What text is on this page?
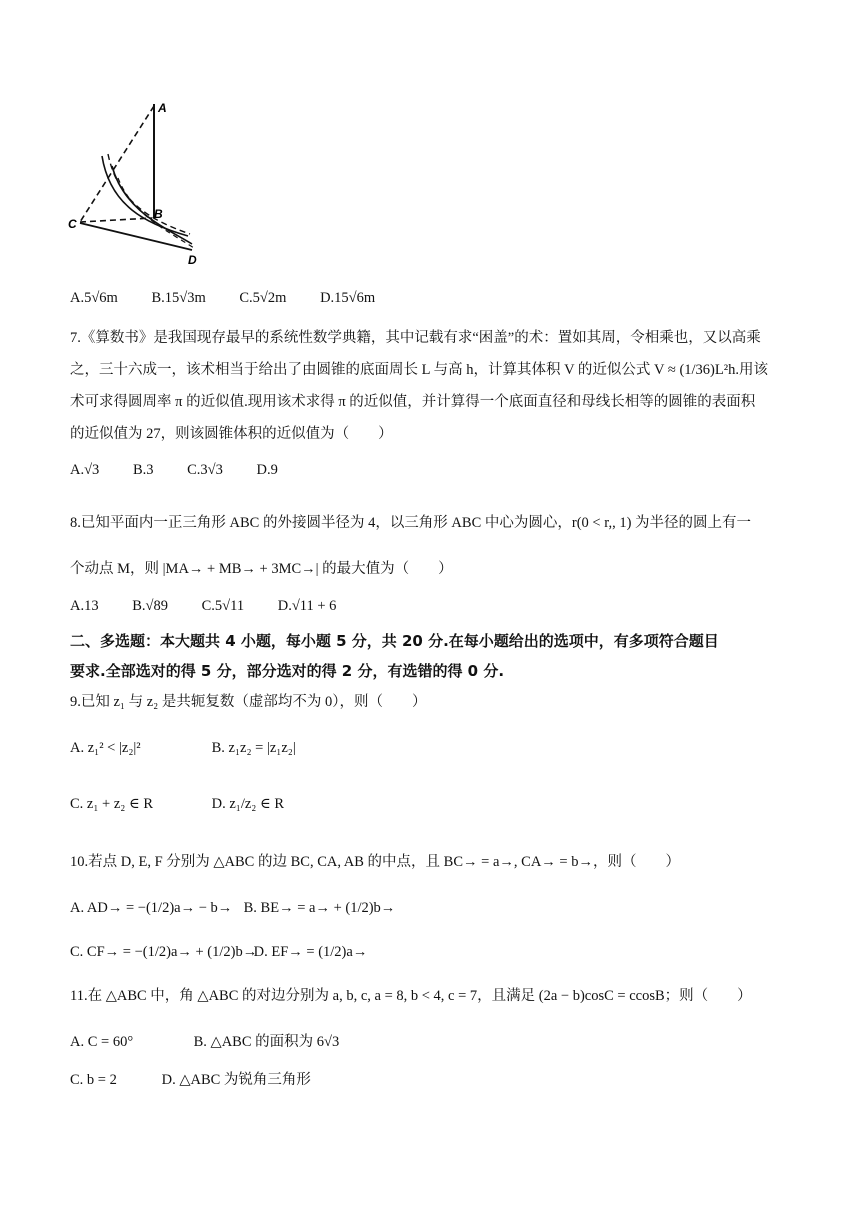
A
B
C
D
A.5√6m B.15√3m C.5√2m D.15√6m
7.《算数书》是我国现存最早的系统性数学典籍，其中记载有求“困盖”的术：置如其周，令相乘也，又以高乘
之，三十六成一，该术相当于给出了由圆锥的底面周长 L 与高 h，计算其体积 V 的近似公式 V ≈ (1/36)L²h.用该
术可求得圆周率 π 的近似值.现用该术求得 π 的近似值，并计算得一个底面直径和母线长相等的圆锥的表面积
的近似值为 27，则该圆锥体积的近似值为（　　）
A.√3 B.3 C.3√3 D.9
8.已知平面内一正三角形 ABC 的外接圆半径为 4，以三角形 ABC 中心为圆心，r(0 < r,, 1) 为半径的圆上有一
个动点 M，则 |MA→ + MB→ + 3MC→| 的最大值为（　　）
A.13 B.√89 C.5√11 D.√11 + 6
二、多选题：本大题共 4 小题，每小题 5 分，共 20 分.在每小题给出的选项中，有多项符合题目
要求.全部选对的得 5 分，部分选对的得 2 分，有选错的得 0 分.
9.已知 z₁ 与 z₂ 是共轭复数（虚部均不为 0），则（　　）
A. z₁² < |z₂|²	B. z₁z₂ = |z₁z₂|
C. z₁ + z₂ ∈ R	D. z₁/z₂ ∈ R
10.若点 D, E, F 分别为 △ABC 的边 BC, CA, AB 的中点，且 BC→ = a→, CA→ = b→，则（　　）
A. AD→ = −(1/2)a→ − b→ B. BE→ = a→ + (1/2)b→
C. CF→ = −(1/2)a→ + (1/2)b→ D. EF→ = (1/2)a→
11.在 △ABC 中，角 △ABC 的对边分别为 a, b, c, a = 8, b < 4, c = 7，且满足 (2a − b)cosC = ccosB；则（　　）
A. C = 60°	B. △ABC 的面积为 6√3
C. b = 2	D. △ABC 为锐角三角形
